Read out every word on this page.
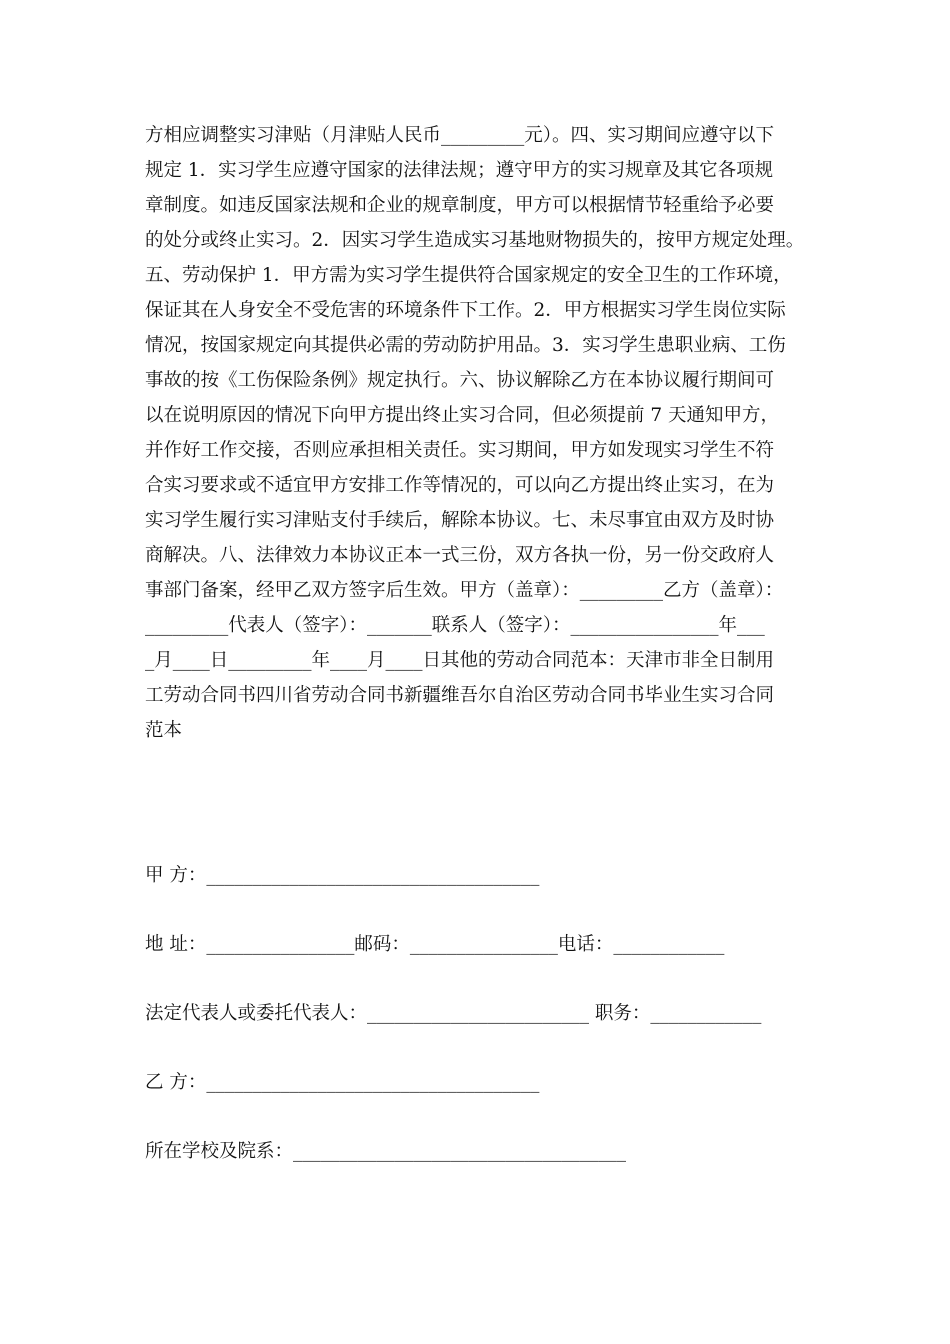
方相应调整实习津贴（月津贴人民币_________元）。四、实习期间应遵守以下
规定 1．实习学生应遵守国家的法律法规；遵守甲方的实习规章及其它各项规
章制度。如违反国家法规和企业的规章制度，甲方可以根据情节轻重给予必要
的处分或终止实习。2．因实习学生造成实习基地财物损失的，按甲方规定处理。
五、劳动保护 1．甲方需为实习学生提供符合国家规定的安全卫生的工作环境，
保证其在人身安全不受危害的环境条件下工作。2．甲方根据实习学生岗位实际
情况，按国家规定向其提供必需的劳动防护用品。3．实习学生患职业病、工伤
事故的按《工伤保险条例》规定执行。六、协议解除乙方在本协议履行期间可
以在说明原因的情况下向甲方提出终止实习合同，但必须提前 7 天通知甲方，
并作好工作交接，否则应承担相关责任。实习期间，甲方如发现实习学生不符
合实习要求或不适宜甲方安排工作等情况的，可以向乙方提出终止实习，在为
实习学生履行实习津贴支付手续后，解除本协议。七、未尽事宜由双方及时协
商解决。八、法律效力本协议正本一式三份，双方各执一份，另一份交政府人
事部门备案，经甲乙双方签字后生效。甲方（盖章）：_________乙方（盖章）：
_________代表人（签字）：_______联系人（签字）：________________年___
_月____日_________年____月____日其他的劳动合同范本：天津市非全日制用
工劳动合同书四川省劳动合同书新疆维吾尔自治区劳动合同书毕业生实习合同
范本
甲 方：____________________________________
地 址：________________邮码：________________电话：____________
法定代表人或委托代表人：________________________ 职务：____________
乙 方：____________________________________
所在学校及院系：____________________________________
